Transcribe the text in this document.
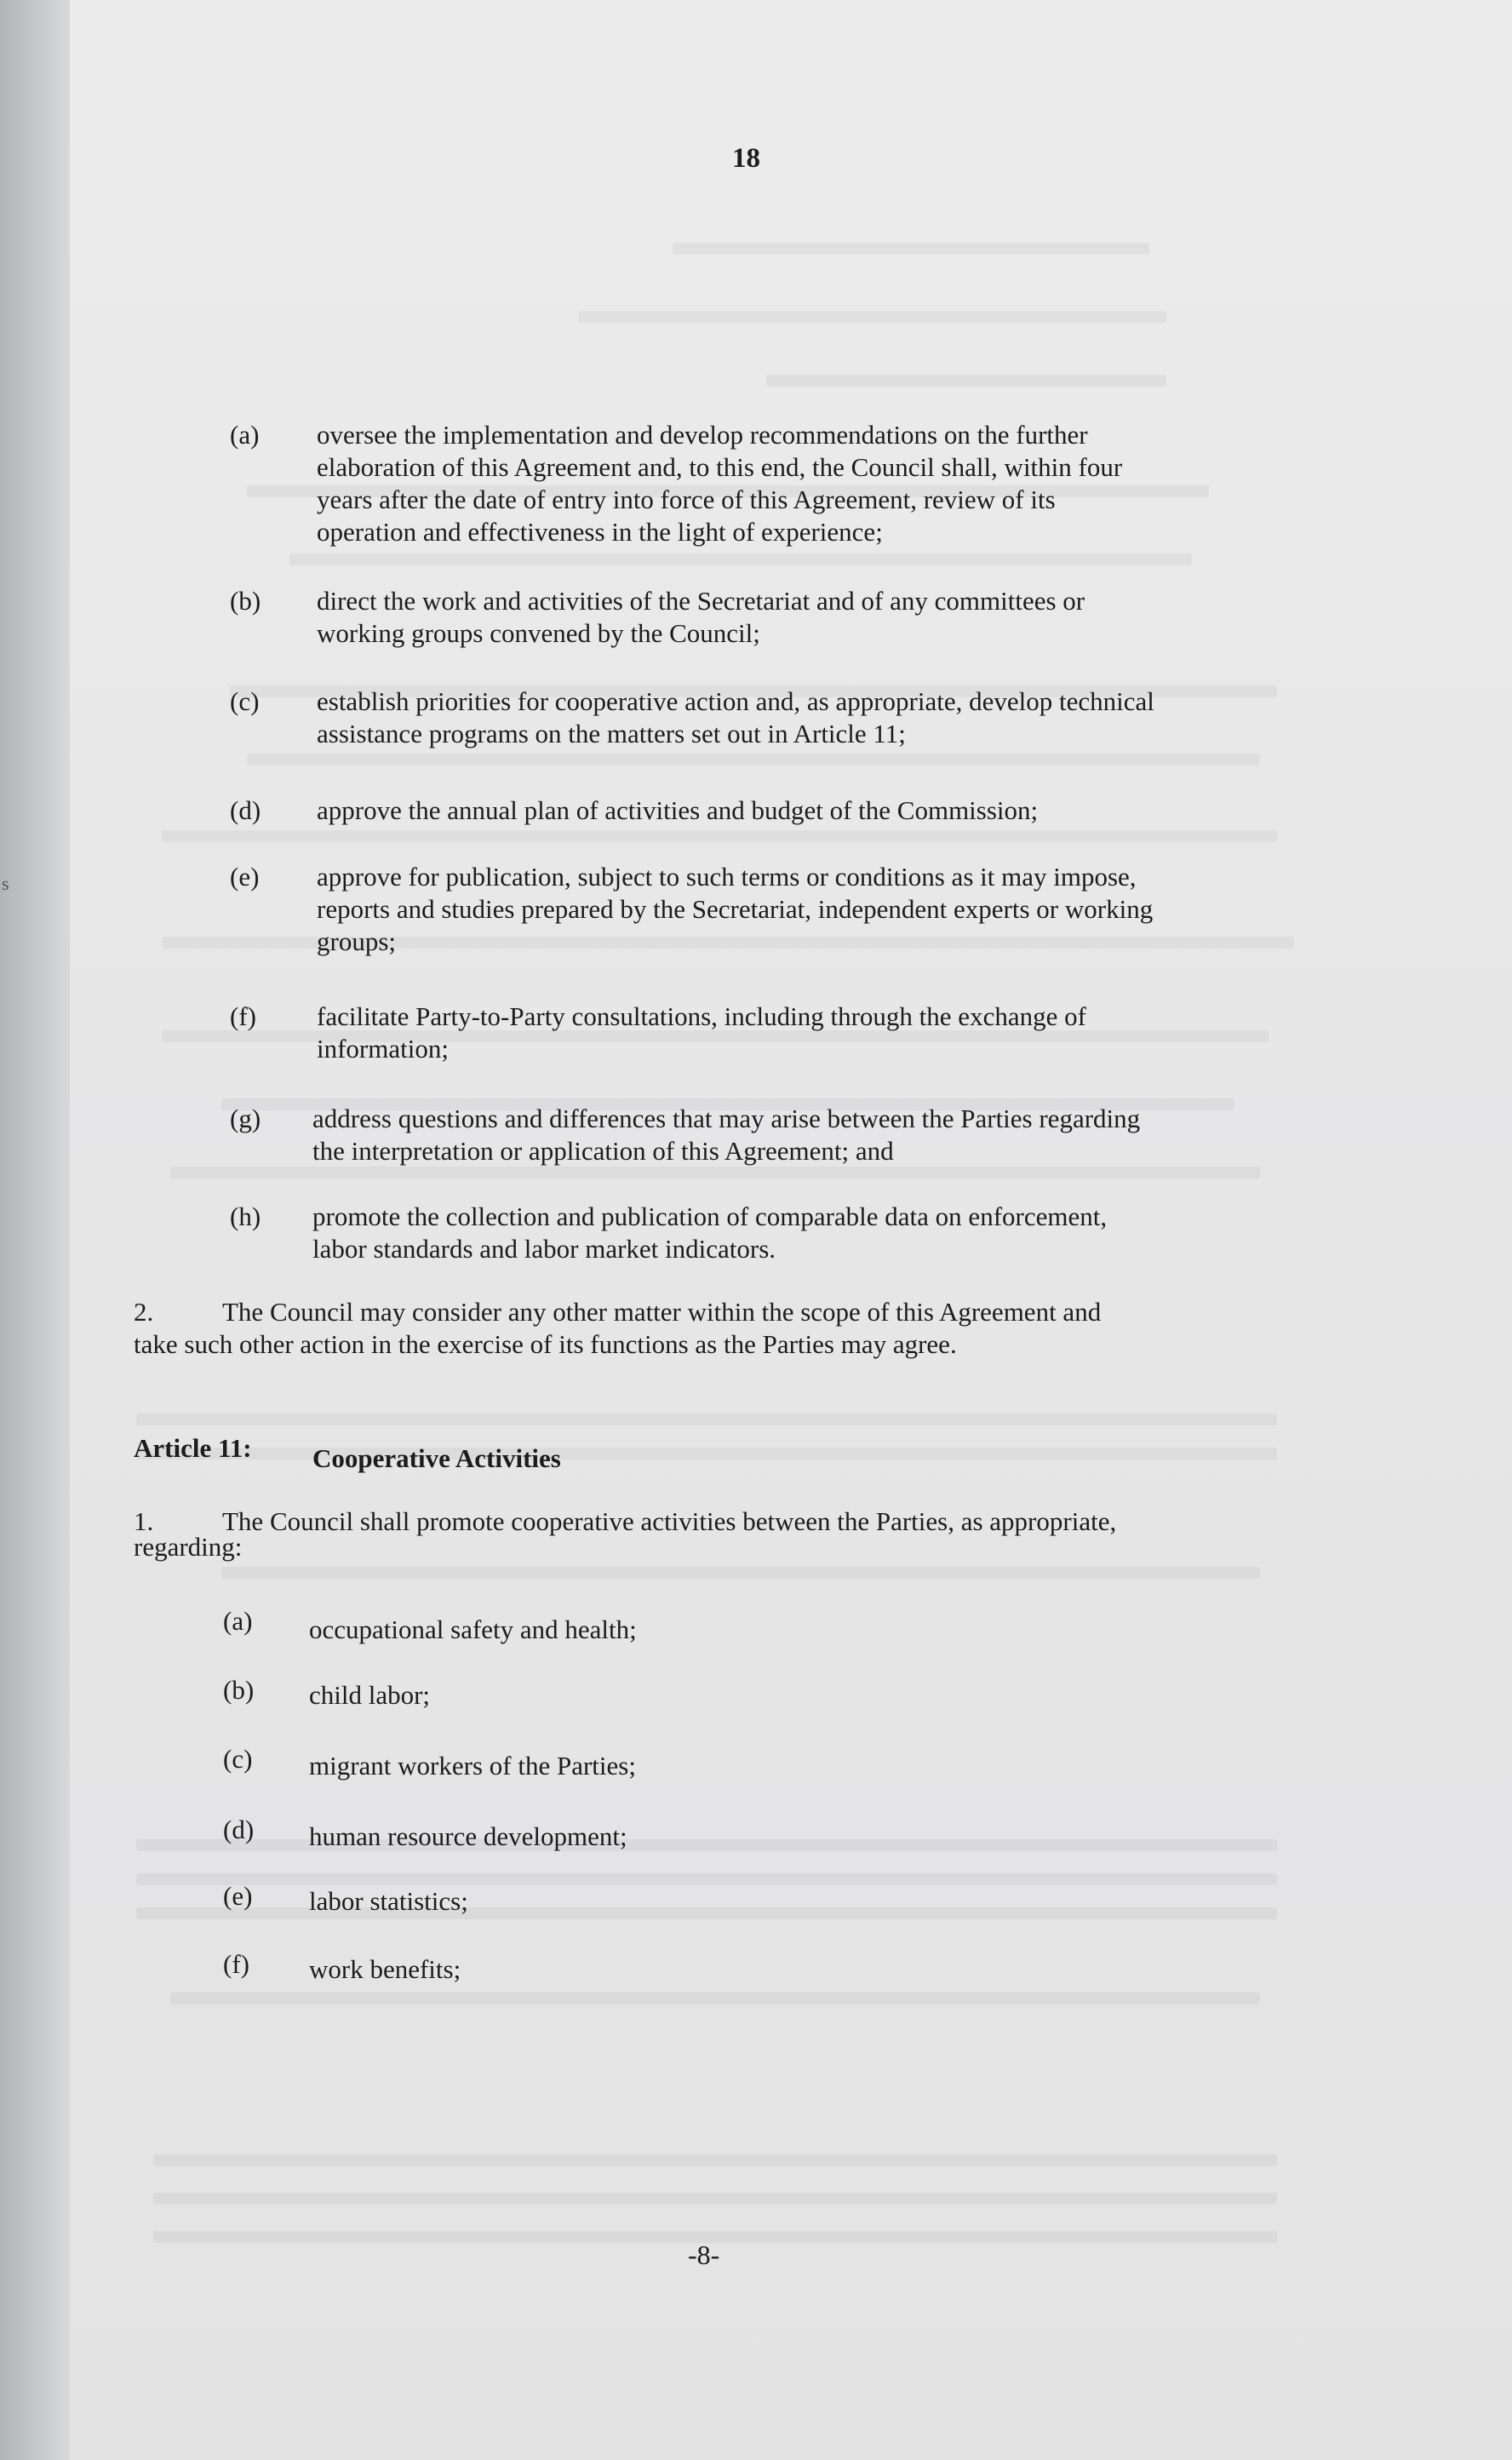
s
18
(a) oversee the implementation and develop recommendations on the further
elaboration of this Agreement and, to this end, the Council shall, within four
years after the date of entry into force of this Agreement, review of its
operation and effectiveness in the light of experience;
(b) direct the work and activities of the Secretariat and of any committees or
working groups convened by the Council;
(c) establish priorities for cooperative action and, as appropriate, develop technical
assistance programs on the matters set out in Article 11;
(d) approve the annual plan of activities and budget of the Commission;
(e) approve for publication, subject to such terms or conditions as it may impose,
reports and studies prepared by the Secretariat, independent experts or working
groups;
(f) facilitate Party-to-Party consultations, including through the exchange of
information;
(g) address questions and differences that may arise between the Parties regarding
the interpretation or application of this Agreement; and
(h) promote the collection and publication of comparable data on enforcement,
labor standards and labor market indicators.
2.	The Council may consider any other matter within the scope of this Agreement and
take such other action in the exercise of its functions as the Parties may agree.
Article 11: Cooperative Activities
1.	The Council shall promote cooperative activities between the Parties, as appropriate,
regarding:
(a) occupational safety and health;
(b) child labor;
(c) migrant workers of the Parties;
(d) human resource development;
(e) labor statistics;
(f) work benefits;
-8-
